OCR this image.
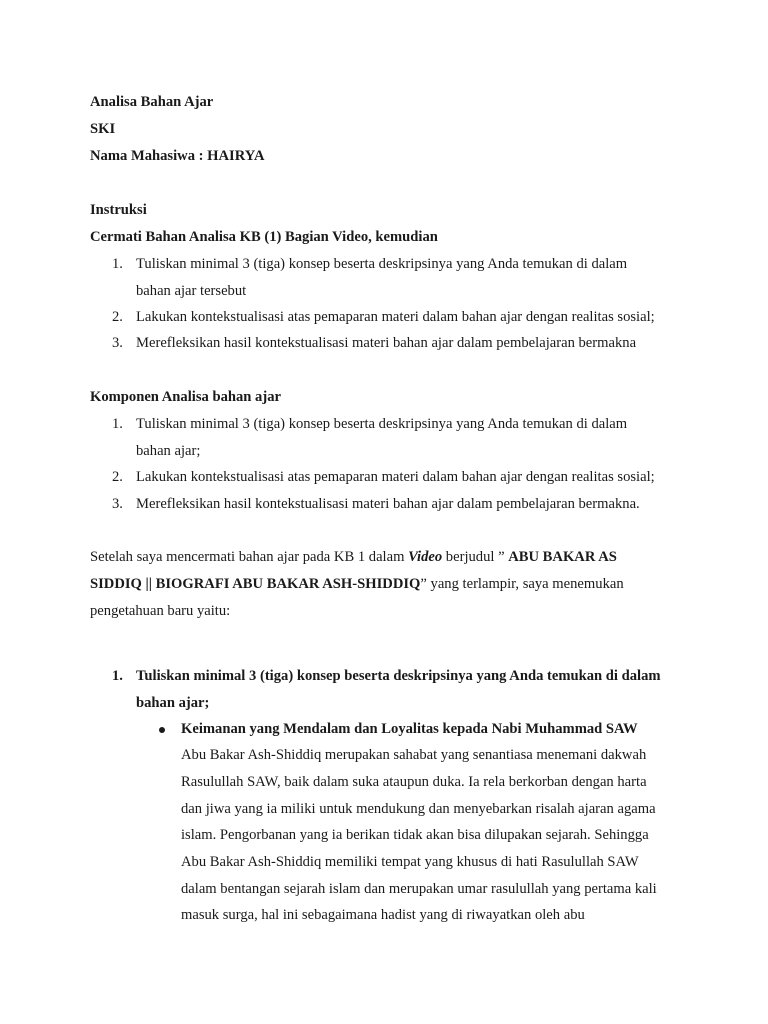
Analisa Bahan Ajar
SKI
Nama Mahasiwa : HAIRYA
Instruksi
Cermati Bahan Analisa KB (1) Bagian Video, kemudian
1. Tuliskan minimal 3 (tiga) konsep beserta deskripsinya yang Anda temukan di dalam
bahan ajar tersebut
2. Lakukan kontekstualisasi atas pemaparan materi dalam bahan ajar dengan realitas sosial;
3. Merefleksikan hasil kontekstualisasi materi bahan ajar dalam pembelajaran bermakna
Komponen Analisa bahan ajar
1. Tuliskan minimal 3 (tiga) konsep beserta deskripsinya yang Anda temukan di dalam
bahan ajar;
2. Lakukan kontekstualisasi atas pemaparan materi dalam bahan ajar dengan realitas sosial;
3. Merefleksikan hasil kontekstualisasi materi bahan ajar dalam pembelajaran bermakna.
Setelah saya mencermati bahan ajar pada KB 1 dalam Video berjudul ” ABU BAKAR AS
SIDDIQ || BIOGRAFI ABU BAKAR ASH-SHIDDIQ” yang terlampir, saya menemukan
pengetahuan baru yaitu:
1. Tuliskan minimal 3 (tiga) konsep beserta deskripsinya yang Anda temukan di dalam
bahan ajar;
Keimanan yang Mendalam dan Loyalitas kepada Nabi Muhammad SAW
Abu Bakar Ash-Shiddiq merupakan sahabat yang senantiasa menemani dakwah
Rasulullah SAW, baik dalam suka ataupun duka. Ia rela berkorban dengan harta
dan jiwa yang ia miliki untuk mendukung dan menyebarkan risalah ajaran agama
islam. Pengorbanan yang ia berikan tidak akan bisa dilupakan sejarah. Sehingga
Abu Bakar Ash-Shiddiq memiliki tempat yang khusus di hati Rasulullah SAW
dalam bentangan sejarah islam dan merupakan umar rasulullah yang pertama kali
masuk surga, hal ini sebagaimana hadist yang di riwayatkan oleh abu
